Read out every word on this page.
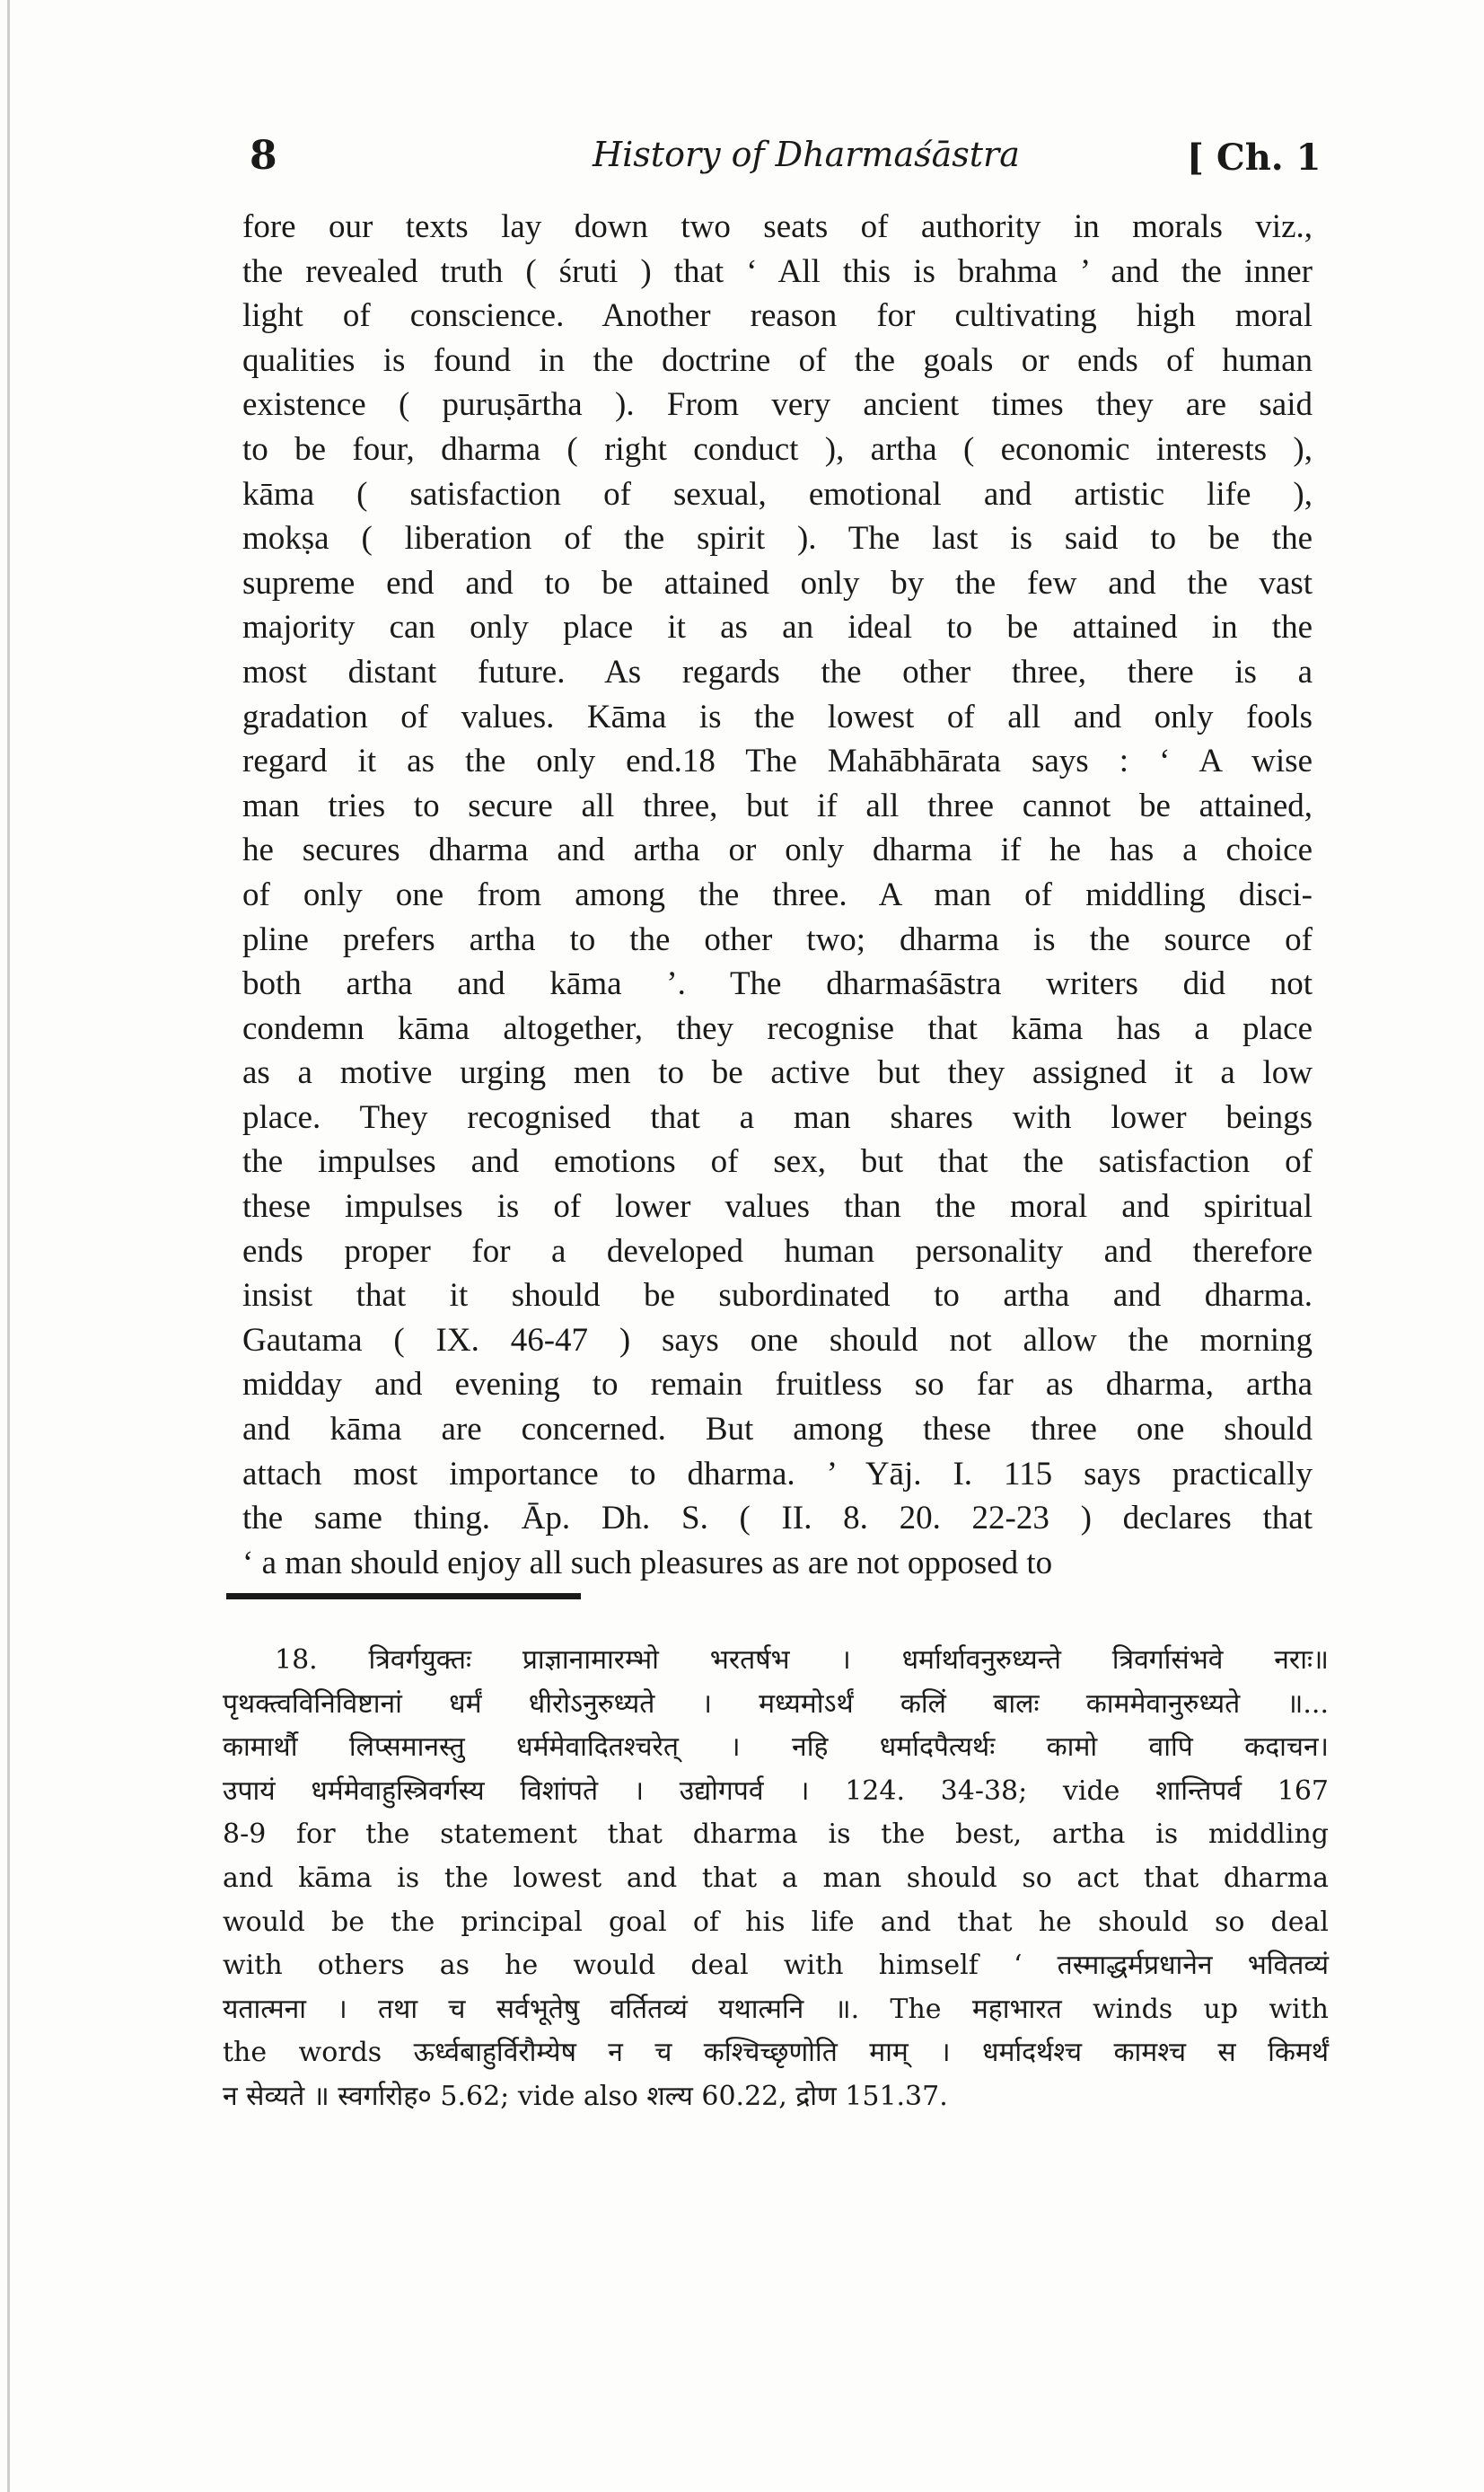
8	History of Dharmaśāstra	[ Ch. 1
fore our texts lay down two seats of authority in morals viz.,
the revealed truth ( śruti ) that ‘ All this is brahma ’ and the inner
light of conscience. Another reason for cultivating high moral
qualities is found in the doctrine of the goals or ends of human
existence ( puruṣārtha ). From very ancient times they are said
to be four, dharma ( right conduct ), artha ( economic interests ),
kāma ( satisfaction of sexual, emotional and artistic life ),
mokṣa ( liberation of the spirit ). The last is said to be the
supreme end and to be attained only by the few and the vast
majority can only place it as an ideal to be attained in the
most distant future. As regards the other three, there is a
gradation of values. Kāma is the lowest of all and only fools
regard it as the only end.18 The Mahābhārata says : ‘ A wise
man tries to secure all three, but if all three cannot be attained,
he secures dharma and artha or only dharma if he has a choice
of only one from among the three. A man of middling disci-
pline prefers artha to the other two; dharma is the source of
both artha and kāma ’. The dharmaśāstra writers did not
condemn kāma altogether, they recognise that kāma has a place
as a motive urging men to be active but they assigned it a low
place. They recognised that a man shares with lower beings
the impulses and emotions of sex, but that the satisfaction of
these impulses is of lower values than the moral and spiritual
ends proper for a developed human personality and therefore
insist that it should be subordinated to artha and dharma.
Gautama ( IX. 46-47 ) says one should not allow the morning
midday and evening to remain fruitless so far as dharma, artha
and kāma are concerned. But among these three one should
attach most importance to dharma. ’ Yāj. I. 115 says practically
the same thing. Āp. Dh. S. ( II. 8. 20. 22-23 ) declares that
‘ a man should enjoy all such pleasures as are not opposed to
18. त्रिवर्गयुक्तः प्राज्ञानामारम्भो भरतर्षभ । धर्मार्थावनुरुध्यन्ते त्रिवर्गासंभवे नराः॥
पृथक्त्वविनिविष्टानां धर्मं धीरोऽनुरुध्यते । मध्यमोऽर्थं कलिं बालः काममेवानुरुध्यते ॥...
कामार्थौ लिप्समानस्तु धर्ममेवादितश्चरेत् । नहि धर्मादपैत्यर्थः कामो वापि कदाचन।
उपायं धर्ममेवाहुस्त्रिवर्गस्य विशांपते । उद्योगपर्व । 124. 34-38; vide शान्तिपर्व 167
8-9 for the statement that dharma is the best, artha is middling
and kāma is the lowest and that a man should so act that dharma
would be the principal goal of his life and that he should so deal
with others as he would deal with himself ‘ तस्माद्धर्मप्रधानेन भवितव्यं
यतात्मना । तथा च सर्वभूतेषु वर्तितव्यं यथात्मनि ॥. The महाभारत winds up with
the words ऊर्ध्वबाहुर्विरौम्येष न च कश्चिच्छृणोति माम् । धर्मादर्थश्च कामश्च स किमर्थं
न सेव्यते ॥ स्वर्गारोह० 5.62; vide also शल्य 60.22, द्रोण 151.37.
